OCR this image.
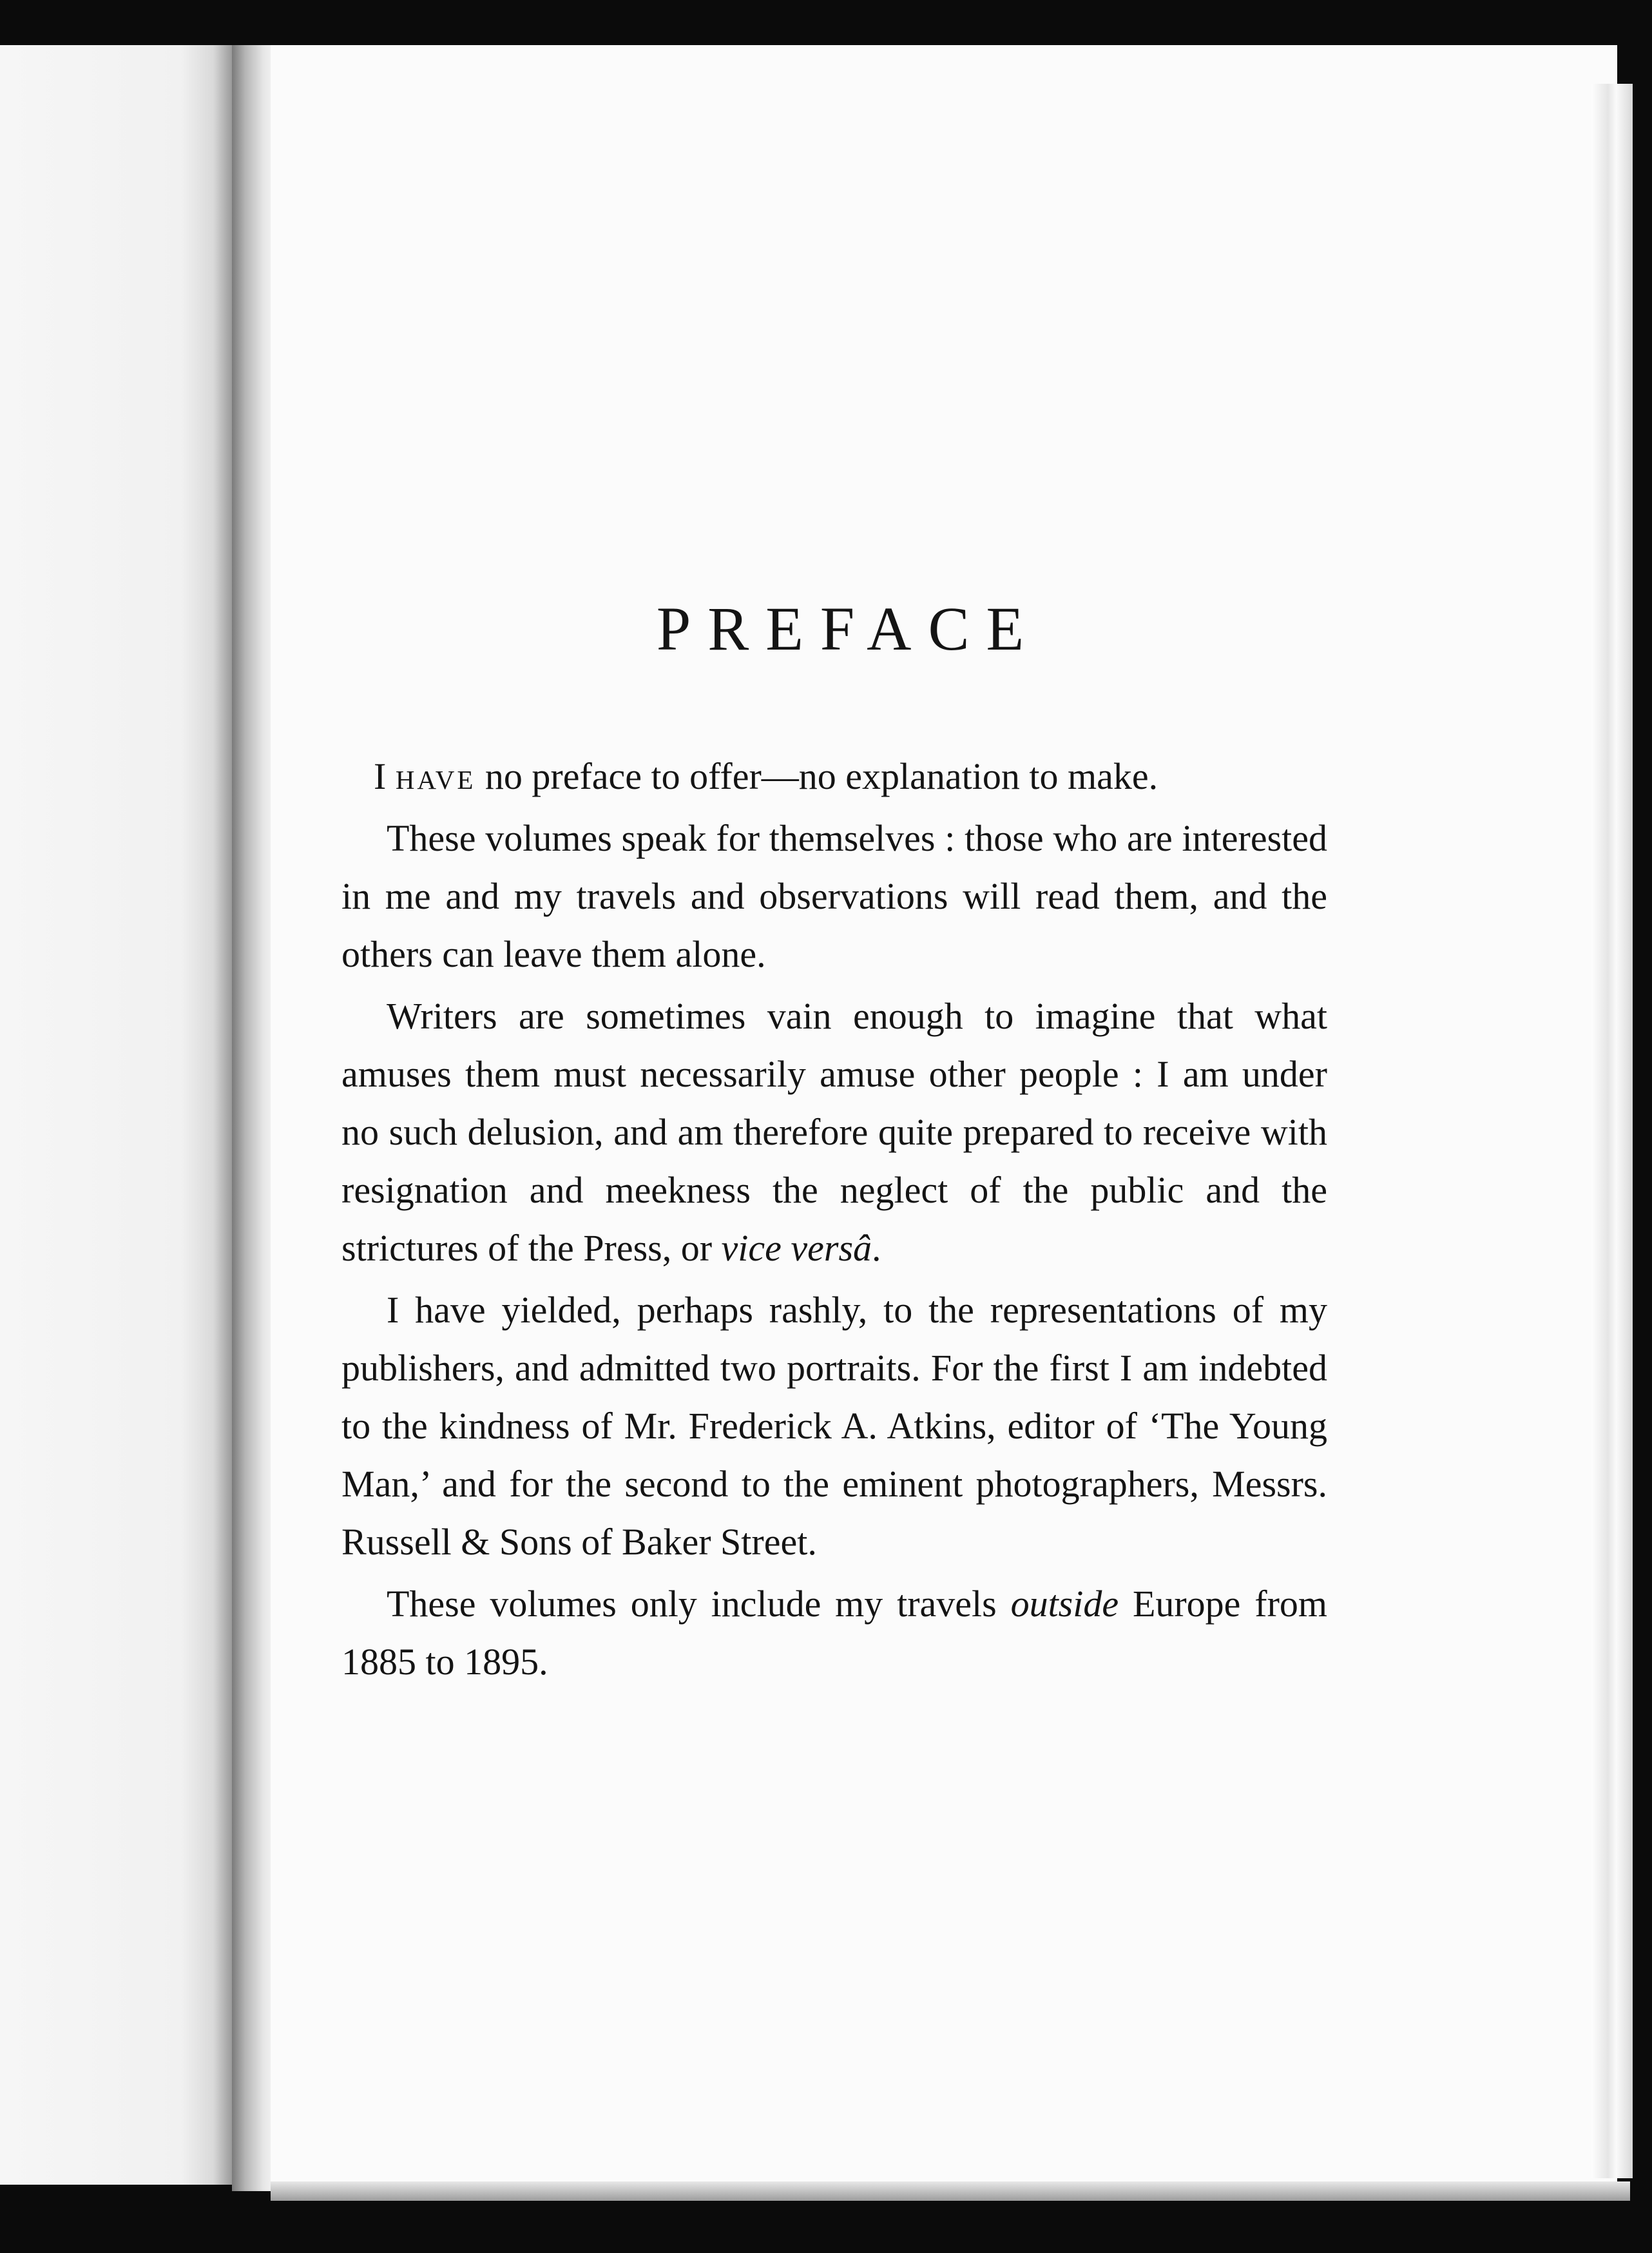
PREFACE

I have no preface to offer—no explanation to make.

These volumes speak for themselves : those who are interested in me and my travels and observations will read them, and the others can leave them alone.

Writers are sometimes vain enough to imagine that what amuses them must necessarily amuse other people : I am under no such delusion, and am therefore quite prepared to receive with resignation and meekness the neglect of the public and the strictures of the Press, or vice versâ.

I have yielded, perhaps rashly, to the representations of my publishers, and admitted two portraits. For the first I am indebted to the kindness of Mr. Frederick A. Atkins, editor of ‘The Young Man,’ and for the second to the eminent photographers, Messrs. Russell & Sons of Baker Street.

These volumes only include my travels outside Europe from 1885 to 1895.
